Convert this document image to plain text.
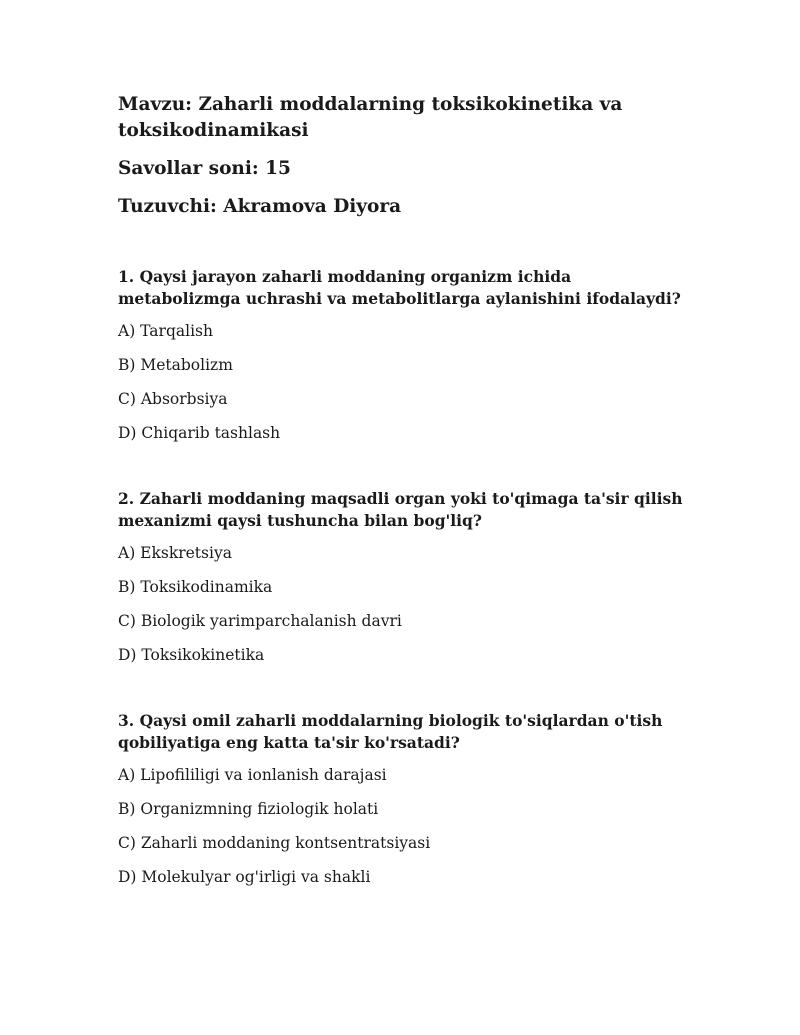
Mavzu: Zaharli moddalarning toksikokinetika va toksikodinamikasi

Savollar soni: 15

Tuzuvchi: Akramova Diyora

1. Qaysi jarayon zaharli moddaning organizm ichida metabolizmga uchrashi va metabolitlarga aylanishini ifodalaydi?

A) Tarqalish

B) Metabolizm

C) Absorbsiya

D) Chiqarib tashlash

2. Zaharli moddaning maqsadli organ yoki to'qimaga ta'sir qilish mexanizmi qaysi tushuncha bilan bog'liq?

A) Ekskretsiya

B) Toksikodinamika

C) Biologik yarimparchalanish davri

D) Toksikokinetika

3. Qaysi omil zaharli moddalarning biologik to'siqlardan o'tish qobiliyatiga eng katta ta'sir ko'rsatadi?

A) Lipofililigi va ionlanish darajasi

B) Organizmning fiziologik holati

C) Zaharli moddaning kontsentratsiyasi

D) Molekulyar og'irligi va shakli
